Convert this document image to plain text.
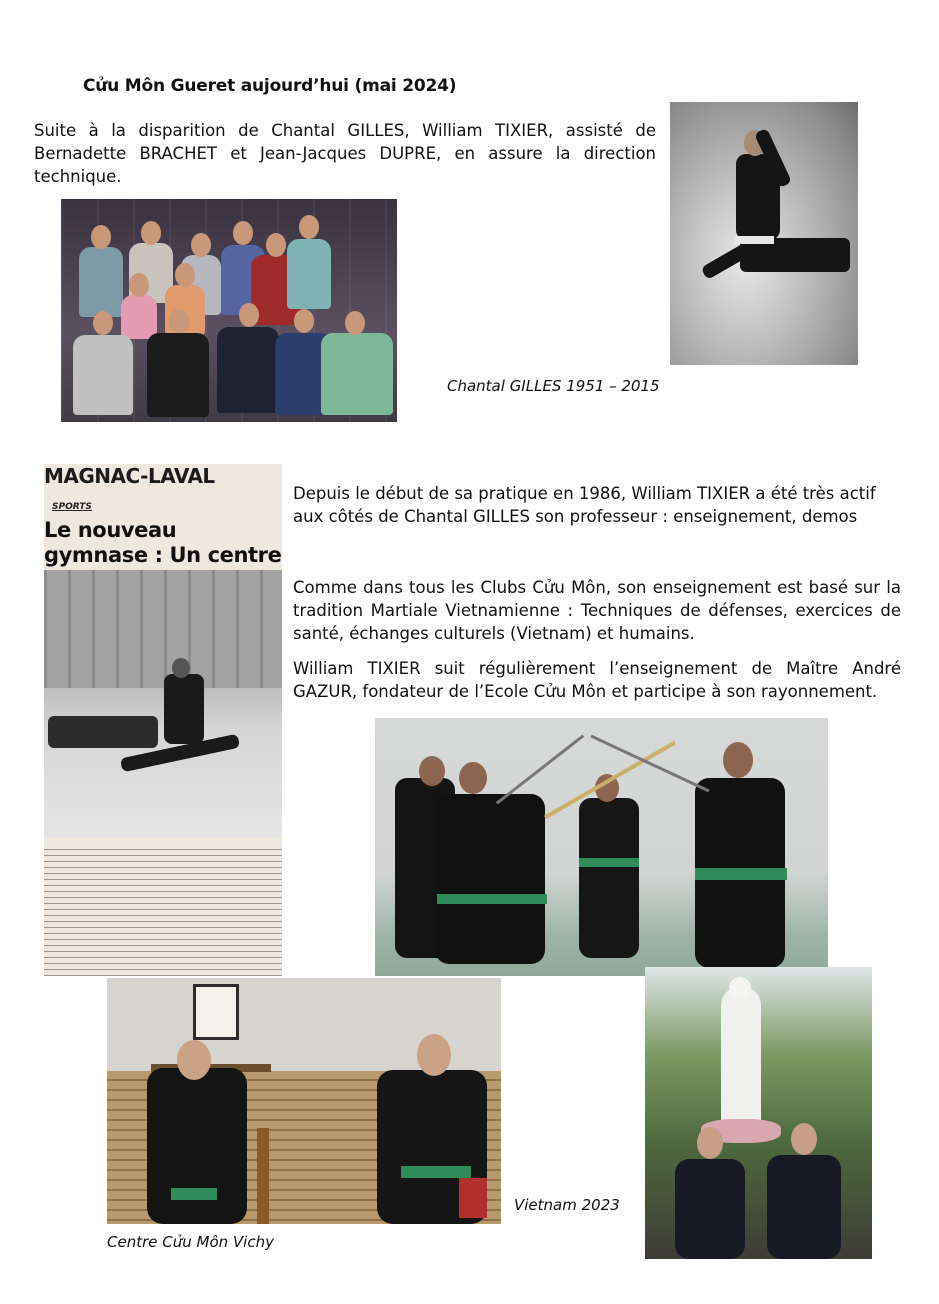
Cửu Môn Gueret aujourd’hui (mai 2024)

Suite à la disparition de Chantal GILLES, William TIXIER, assisté de Bernadette BRACHET et Jean-Jacques DUPRE, en assure la direction technique.

Chantal GILLES 1951 – 2015
MAGNAC-LAVAL
SPORTS
Le nouveau gymnase : Un centre

Depuis le début de sa pratique en 1986, William TIXIER a été très actif aux côtés de Chantal GILLES son professeur : enseignement, demos

Comme dans tous les Clubs Cửu Môn, son enseignement est basé sur la tradition Martiale Vietnamienne : Techniques de défenses, exercices de santé, échanges culturels (Vietnam) et humains.

William TIXIER suit régulièrement l’enseignement de Maître André GAZUR, fondateur de l’Ecole Cửu Môn et participe à son rayonnement.

Vietnam 2023
Centre Cửu Môn Vichy
